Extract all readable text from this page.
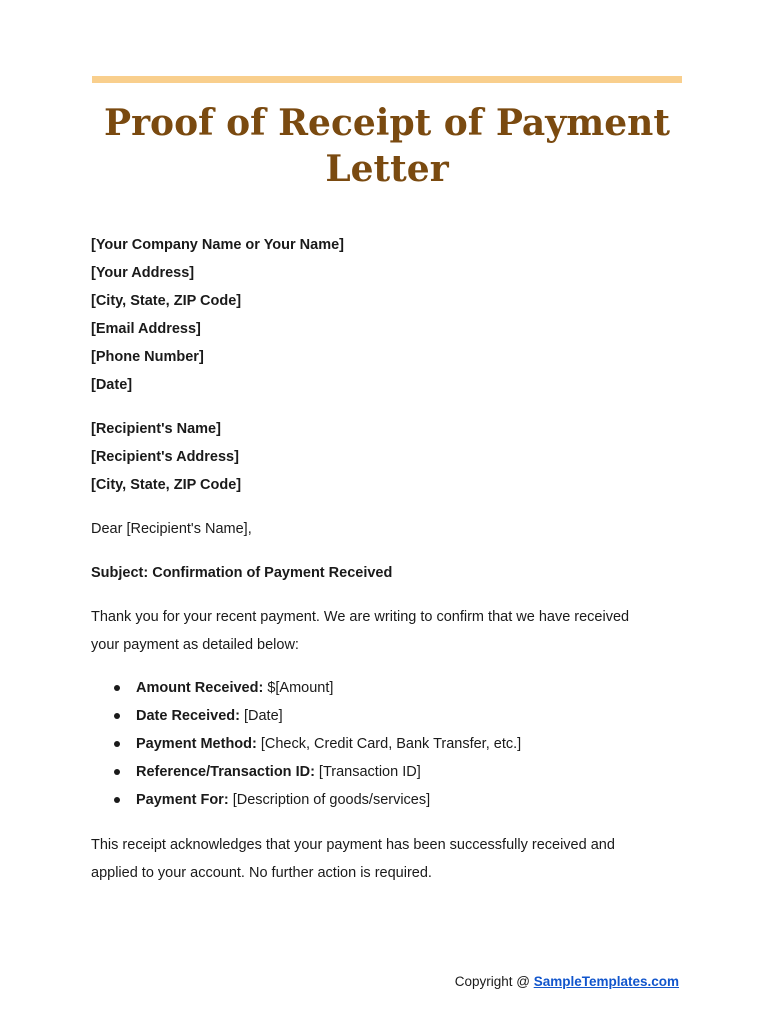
Proof of Receipt of Payment
Letter
[Your Company Name or Your Name]
[Your Address]
[City, State, ZIP Code]
[Email Address]
[Phone Number]
[Date]
[Recipient's Name]
[Recipient's Address]
[City, State, ZIP Code]
Dear [Recipient's Name],
Subject: Confirmation of Payment Received
Thank you for your recent payment. We are writing to confirm that we have received
your payment as detailed below:
Amount Received: $[Amount]
Date Received: [Date]
Payment Method: [Check, Credit Card, Bank Transfer, etc.]
Reference/Transaction ID: [Transaction ID]
Payment For: [Description of goods/services]
This receipt acknowledges that your payment has been successfully received and
applied to your account. No further action is required.
Copyright @ SampleTemplates.com
